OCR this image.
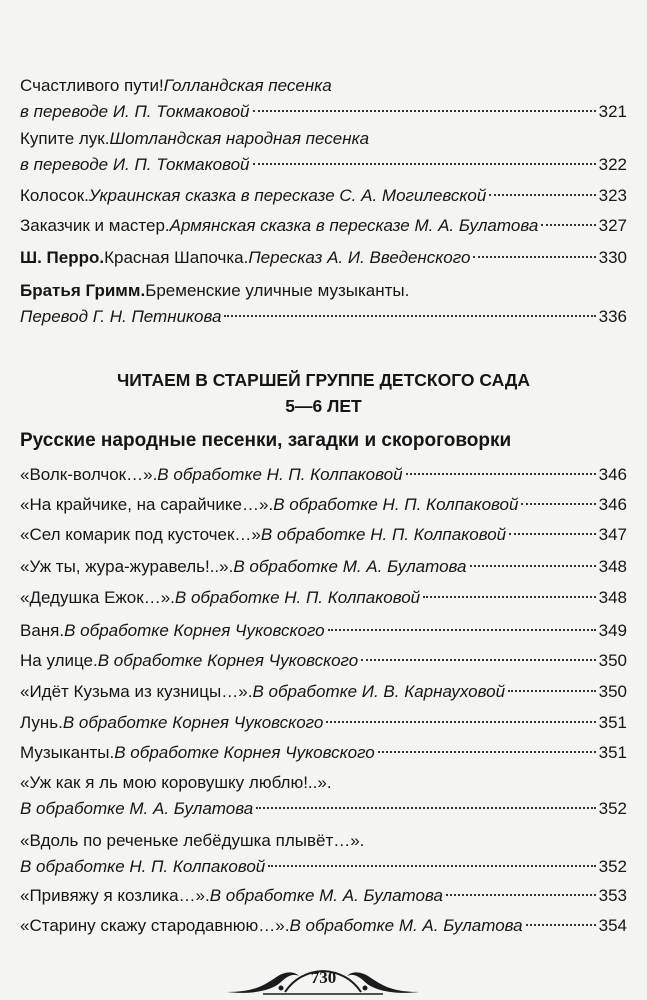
Счастливого пути! Голландская песенка
в переводе И. П. Токмаковой	321
Купите лук. Шотландская народная песенка
в переводе И. П. Токмаковой	322
Колосок. Украинская сказка в пересказе С. А. Могилевской	323
Заказчик и мастер. Армянская сказка в пересказе М. А. Булатова	327
Ш. Перро. Красная Шапочка. Пересказ А. И. Введенского	330
Братья Гримм. Бременские уличные музыканты.
Перевод Г. Н. Петникова	336
ЧИТАЕМ В СТАРШЕЙ ГРУППЕ ДЕТСКОГО САДА
5—6 ЛЕТ
Русские народные песенки, загадки и скороговорки
«Волк-волчок…». В обработке Н. П. Колпаковой	346
«На крайчике, на сарайчике…». В обработке Н. П. Колпаковой	346
«Сел комарик под кусточек…» В обработке Н. П. Колпаковой	347
«Уж ты, жура-журавель!..». В обработке М. А. Булатова	348
«Дедушка Ежок…». В обработке Н. П. Колпаковой	348
Ваня. В обработке Корнея Чуковского	349
На улице. В обработке Корнея Чуковского	350
«Идёт Кузьма из кузницы…». В обработке И. В. Карнауховой	350
Лунь. В обработке Корнея Чуковского	351
Музыканты. В обработке Корнея Чуковского	351
«Уж как я ль мою коровушку люблю!..».
В обработке М. А. Булатова	352
«Вдоль по реченьке лебёдушка плывёт…».
В обработке Н. П. Колпаковой	352
«Привяжу я козлика…». В обработке М. А. Булатова	353
«Старину скажу стародавнюю…». В обработке М. А. Булатова	354
730
